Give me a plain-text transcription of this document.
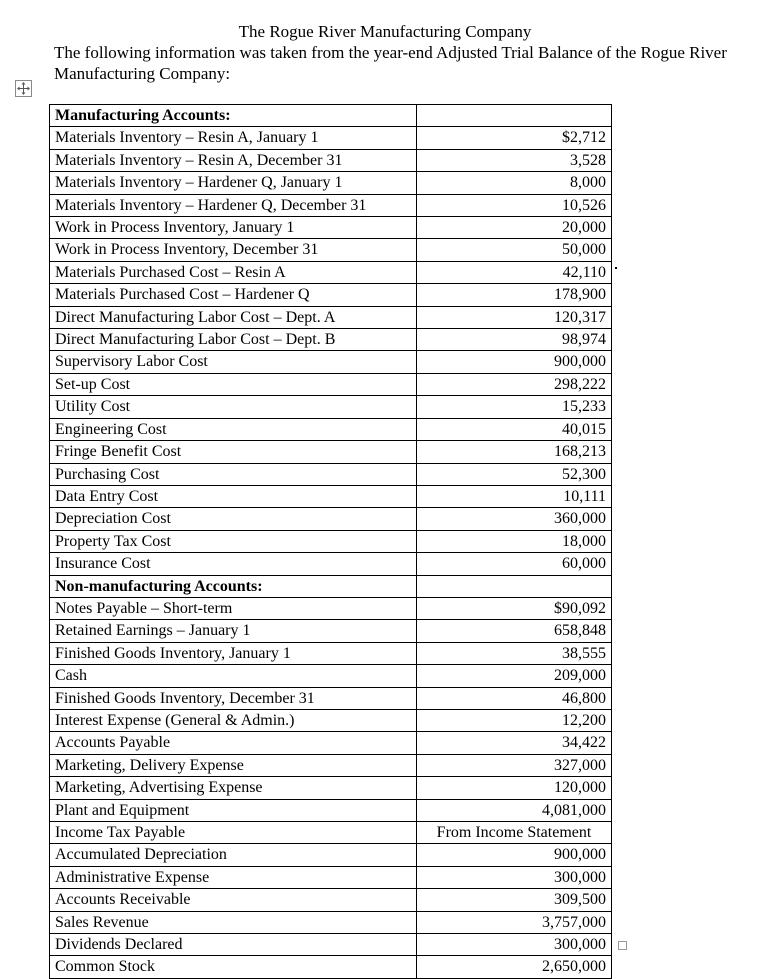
The Rogue River Manufacturing Company
The following information was taken from the year-end Adjusted Trial Balance of the Rogue River Manufacturing Company:
Manufacturing Accounts:	
Materials Inventory – Resin A, January 1	$2,712
Materials Inventory – Resin A, December 31	3,528
Materials Inventory – Hardener Q, January 1	8,000
Materials Inventory – Hardener Q, December 31	10,526
Work in Process Inventory, January 1	20,000
Work in Process Inventory, December 31	50,000
Materials Purchased Cost – Resin A	42,110
Materials Purchased Cost – Hardener Q	178,900
Direct Manufacturing Labor Cost – Dept. A	120,317
Direct Manufacturing Labor Cost – Dept. B	98,974
Supervisory Labor Cost	900,000
Set-up Cost	298,222
Utility Cost	15,233
Engineering Cost	40,015
Fringe Benefit Cost	168,213
Purchasing Cost	52,300
Data Entry Cost	10,111
Depreciation Cost	360,000
Property Tax Cost	18,000
Insurance Cost	60,000
Non-manufacturing Accounts:	
Notes Payable – Short-term	$90,092
Retained Earnings – January 1	658,848
Finished Goods Inventory, January 1	38,555
Cash	209,000
Finished Goods Inventory, December 31	46,800
Interest Expense (General & Admin.)	12,200
Accounts Payable	34,422
Marketing, Delivery Expense	327,000
Marketing, Advertising Expense	120,000
Plant and Equipment	4,081,000
Income Tax Payable	From Income Statement
Accumulated Depreciation	900,000
Administrative Expense	300,000
Accounts Receivable	309,500
Sales Revenue	3,757,000
Dividends Declared	300,000
Common Stock	2,650,000
